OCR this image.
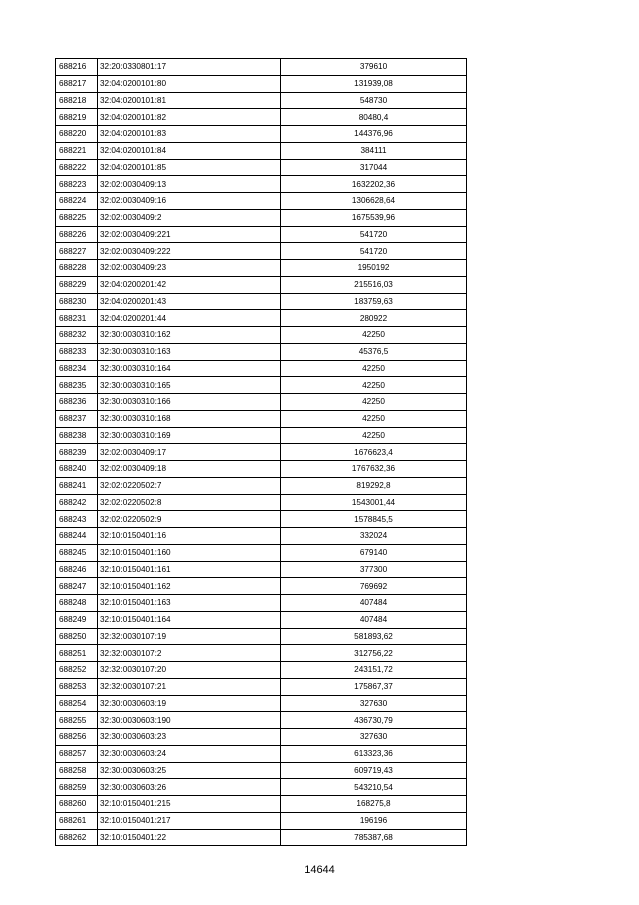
688216	32:20:0330801:17	379610
688217	32:04:0200101:80	131939,08
688218	32:04:0200101:81	548730
688219	32:04:0200101:82	80480,4
688220	32:04:0200101:83	144376,96
688221	32:04:0200101:84	384111
688222	32:04:0200101:85	317044
688223	32:02:0030409:13	1632202,36
688224	32:02:0030409:16	1306628,64
688225	32:02:0030409:2	1675539,96
688226	32:02:0030409:221	541720
688227	32:02:0030409:222	541720
688228	32:02:0030409:23	1950192
688229	32:04:0200201:42	215516,03
688230	32:04:0200201:43	183759,63
688231	32:04:0200201:44	280922
688232	32:30:0030310:162	42250
688233	32:30:0030310:163	45376,5
688234	32:30:0030310:164	42250
688235	32:30:0030310:165	42250
688236	32:30:0030310:166	42250
688237	32:30:0030310:168	42250
688238	32:30:0030310:169	42250
688239	32:02:0030409:17	1676623,4
688240	32:02:0030409:18	1767632,36
688241	32:02:0220502:7	819292,8
688242	32:02:0220502:8	1543001,44
688243	32:02:0220502:9	1578845,5
688244	32:10:0150401:16	332024
688245	32:10:0150401:160	679140
688246	32:10:0150401:161	377300
688247	32:10:0150401:162	769692
688248	32:10:0150401:163	407484
688249	32:10:0150401:164	407484
688250	32:32:0030107:19	581893,62
688251	32:32:0030107:2	312756,22
688252	32:32:0030107:20	243151,72
688253	32:32:0030107:21	175867,37
688254	32:30:0030603:19	327630
688255	32:30:0030603:190	436730,79
688256	32:30:0030603:23	327630
688257	32:30:0030603:24	613323,36
688258	32:30:0030603:25	609719,43
688259	32:30:0030603:26	543210,54
688260	32:10:0150401:215	168275,8
688261	32:10:0150401:217	196196
688262	32:10:0150401:22	785387,68
14644
